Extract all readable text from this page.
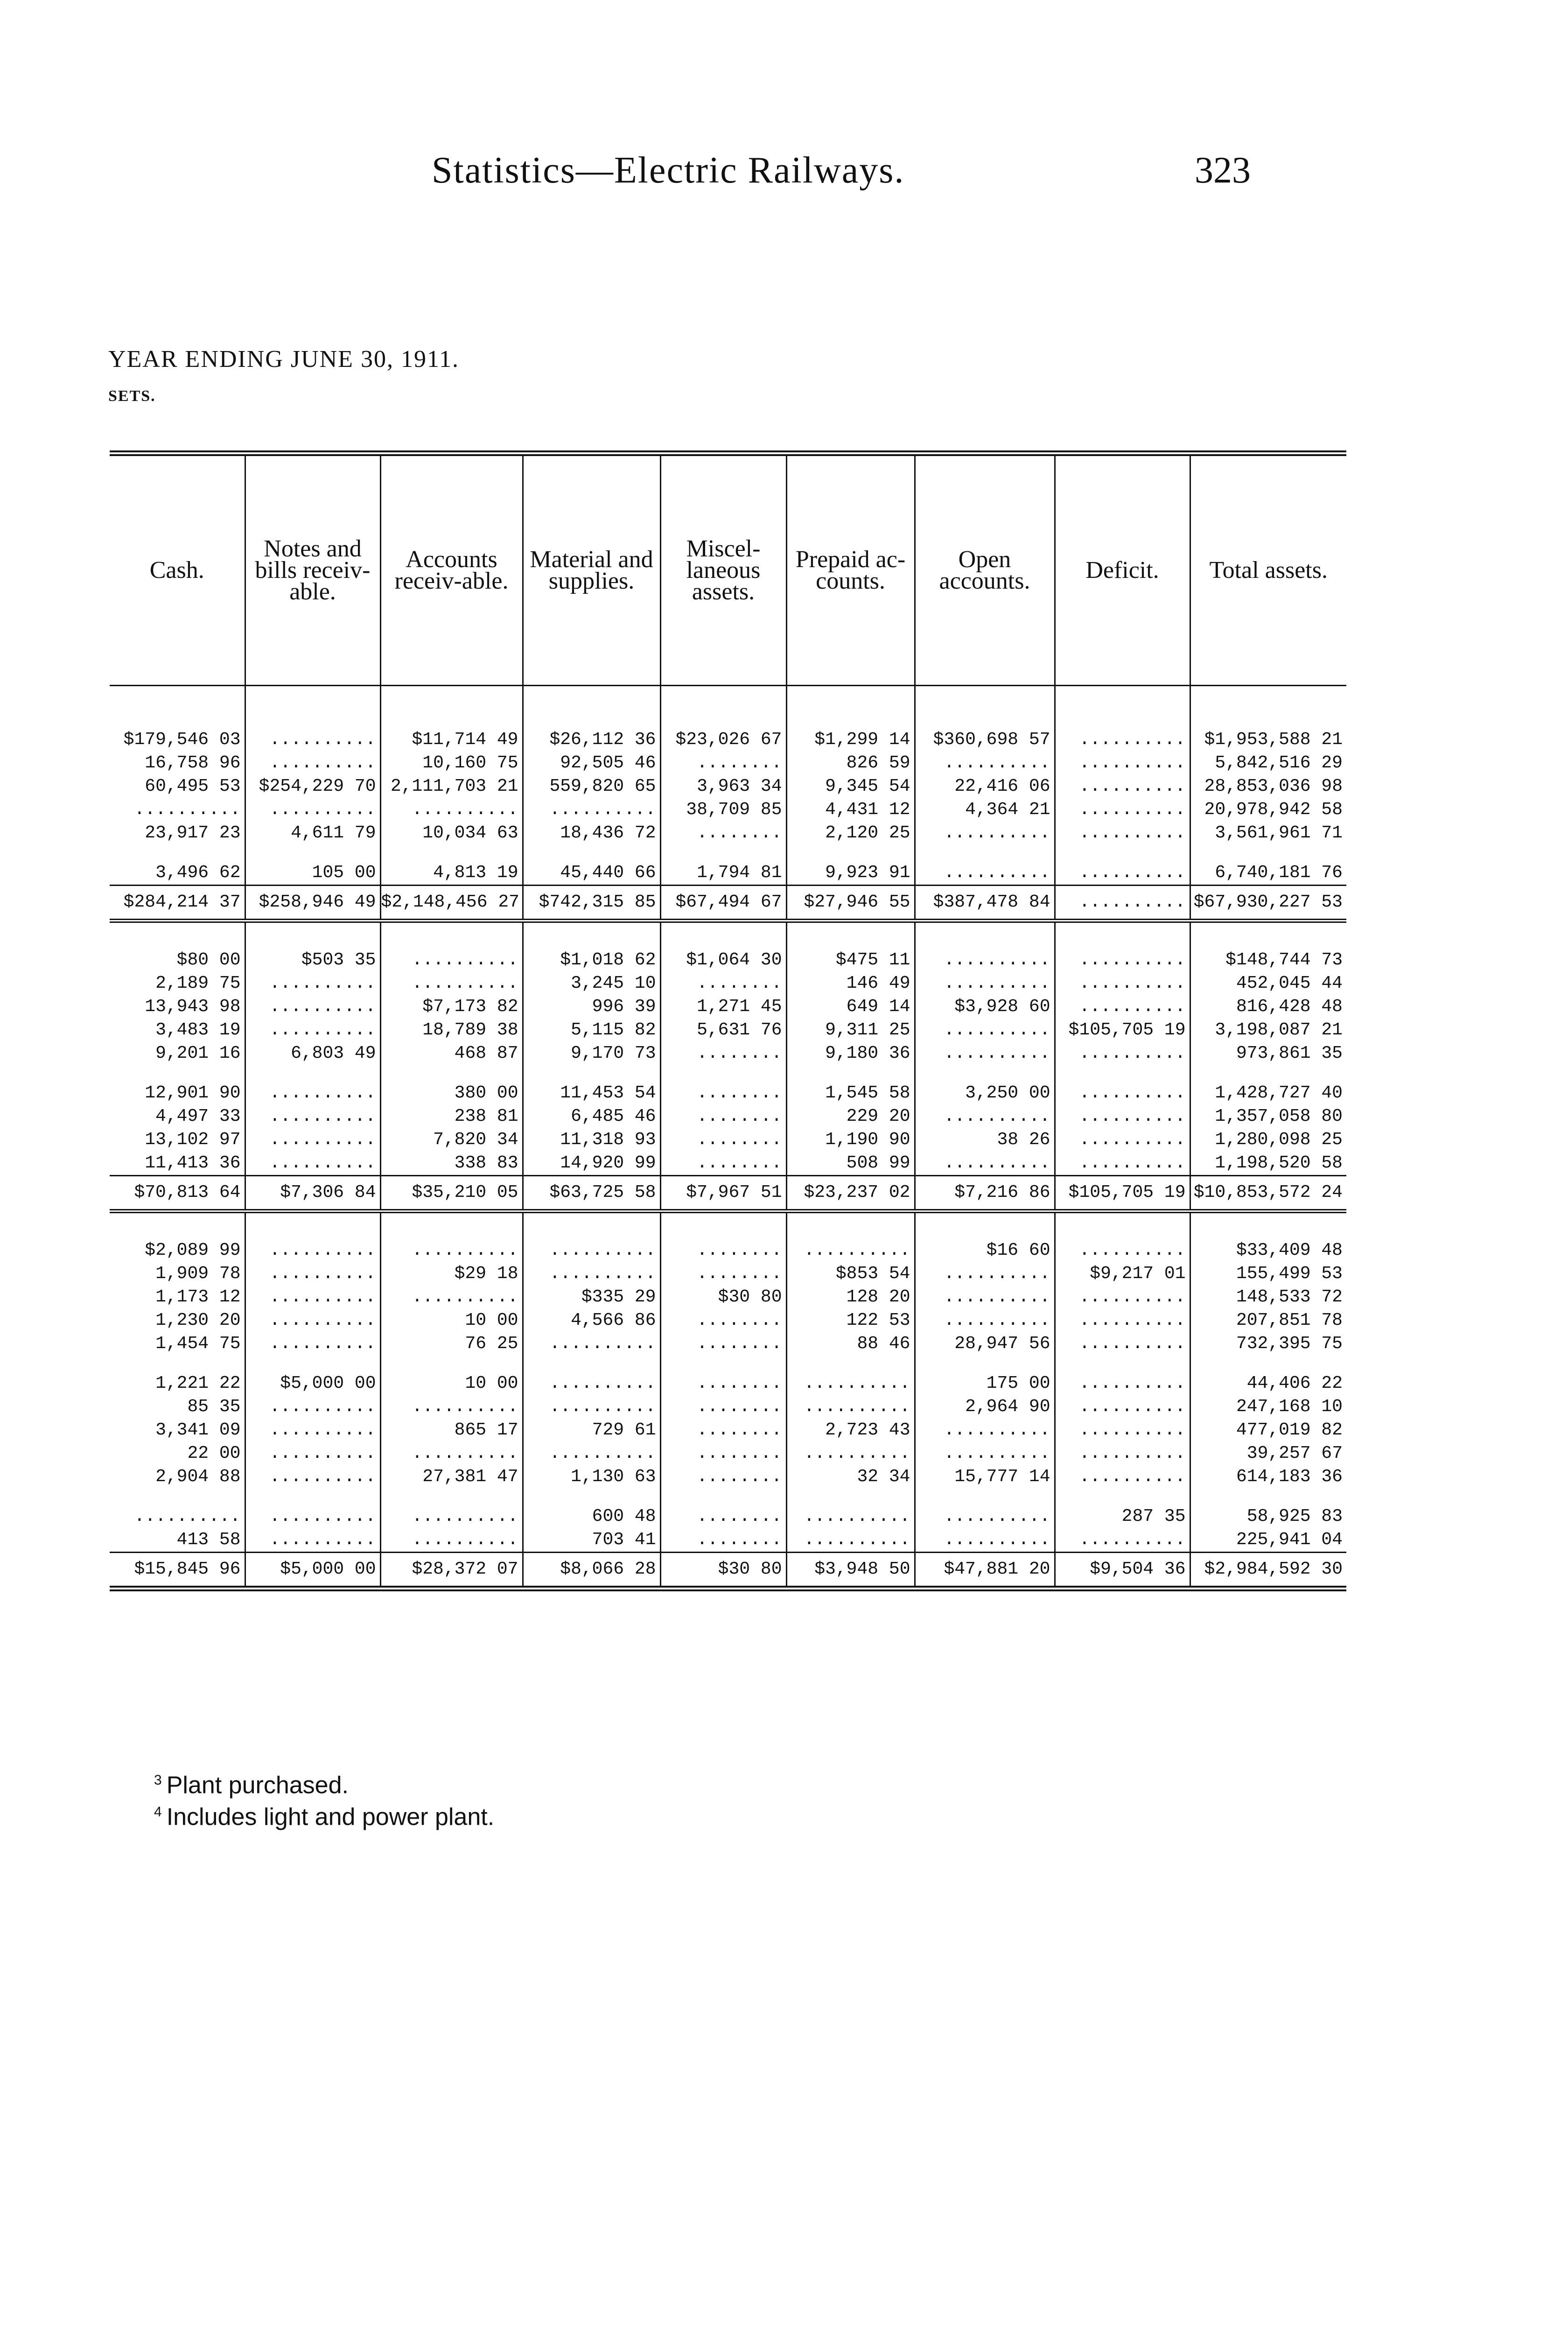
Statistics—Electric Railways.	323
YEAR ENDING JUNE 30, 1911.
SETS.
Cash.	Notes and bills receiv-able.	Accounts receiv-able.	Material and supplies.	Miscel-laneous assets.	Prepaid ac-counts.	Open accounts.	Deficit.	Total assets.
$179,546 03	..........	$11,714 49	$26,112 36	$23,026 67	$1,299 14	$360,698 57	..........	$1,953,588 21
16,758 96	..........	10,160 75	92,505 46	........	826 59	..........	..........	5,842,516 29
60,495 53	$254,229 70	2,111,703 21	559,820 65	3,963 34	9,345 54	22,416 06	..........	28,853,036 98
..........	..........	..........	..........	38,709 85	4,431 12	4,364 21	..........	20,978,942 58
23,917 23	4,611 79	10,034 63	18,436 72	........	2,120 25	..........	..........	3,561,961 71
3,496 62	105 00	4,813 19	45,440 66	1,794 81	9,923 91	..........	..........	6,740,181 76
$284,214 37	$258,946 49	$2,148,456 27	$742,315 85	$67,494 67	$27,946 55	$387,478 84	..........	$67,930,227 53
$80 00	$503 35	..........	$1,018 62	$1,064 30	$475 11	..........	..........	$148,744 73
2,189 75	..........	..........	3,245 10	........	146 49	..........	..........	452,045 44
13,943 98	..........	$7,173 82	996 39	1,271 45	649 14	$3,928 60	..........	816,428 48
3,483 19	..........	18,789 38	5,115 82	5,631 76	9,311 25	..........	$105,705 19	3,198,087 21
9,201 16	6,803 49	468 87	9,170 73	........	9,180 36	..........	..........	973,861 35
12,901 90	..........	380 00	11,453 54	........	1,545 58	3,250 00	..........	1,428,727 40
4,497 33	..........	238 81	6,485 46	........	229 20	..........	..........	1,357,058 80
13,102 97	..........	7,820 34	11,318 93	........	1,190 90	38 26	..........	1,280,098 25
11,413 36	..........	338 83	14,920 99	........	508 99	..........	..........	1,198,520 58
$70,813 64	$7,306 84	$35,210 05	$63,725 58	$7,967 51	$23,237 02	$7,216 86	$105,705 19	$10,853,572 24
$2,089 99	..........	..........	..........	........	..........	$16 60	..........	$33,409 48
1,909 78	..........	$29 18	..........	........	$853 54	..........	$9,217 01	155,499 53
1,173 12	..........	..........	$335 29	$30 80	128 20	..........	..........	148,533 72
1,230 20	..........	10 00	4,566 86	........	122 53	..........	..........	207,851 78
1,454 75	..........	76 25	..........	........	88 46	28,947 56	..........	732,395 75
1,221 22	$5,000 00	10 00	..........	........	..........	175 00	..........	44,406 22
85 35	..........	..........	..........	........	..........	2,964 90	..........	247,168 10
3,341 09	..........	865 17	729 61	........	2,723 43	..........	..........	477,019 82
22 00	..........	..........	..........	........	..........	..........	..........	39,257 67
2,904 88	..........	27,381 47	1,130 63	........	32 34	15,777 14	..........	614,183 36
..........	..........	..........	600 48	........	..........	..........	287 35	58,925 83
413 58	..........	..........	703 41	........	..........	..........	..........	225,941 04
$15,845 96	$5,000 00	$28,372 07	$8,066 28	$30 80	$3,948 50	$47,881 20	$9,504 36	$2,984,592 30
$^3$ Plant purchased.
$^4$ Includes light and power plant.
